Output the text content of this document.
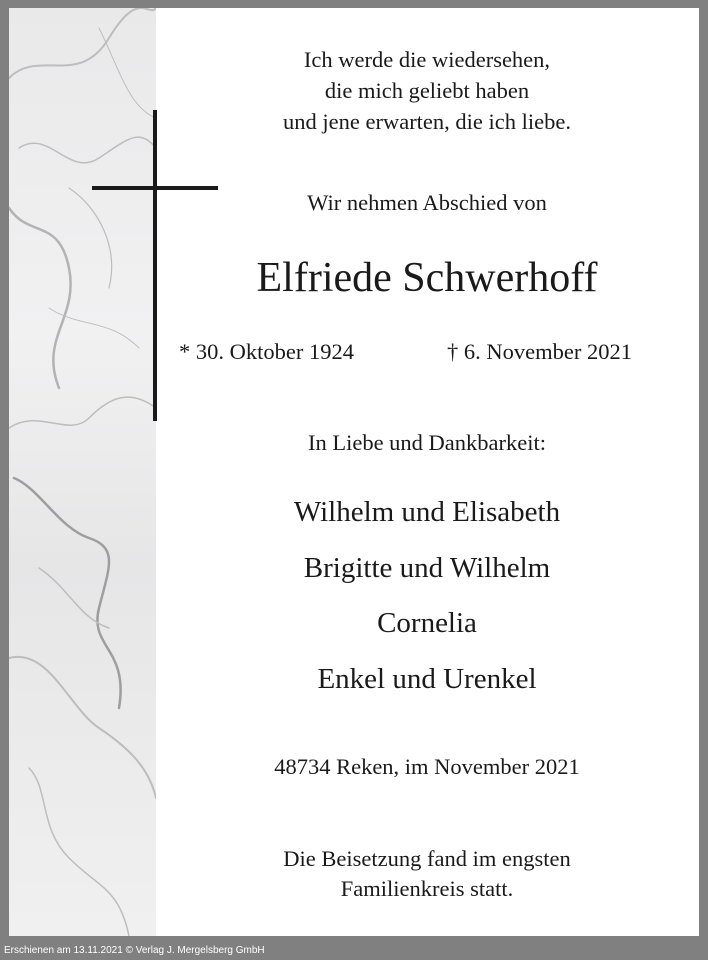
Ich werde die wiedersehen,
die mich geliebt haben
und jene erwarten, die ich liebe.
Wir nehmen Abschied von
Elfriede Schwerhoff
* 30. Oktober 1924	† 6. November 2021
In Liebe und Dankbarkeit:
Wilhelm und Elisabeth
Brigitte und Wilhelm
Cornelia
Enkel und Urenkel
48734 Reken, im November 2021
Die Beisetzung fand im engsten
Familienkreis statt.
Erschienen am 13.11.2021 © Verlag J. Mergelsberg GmbH
